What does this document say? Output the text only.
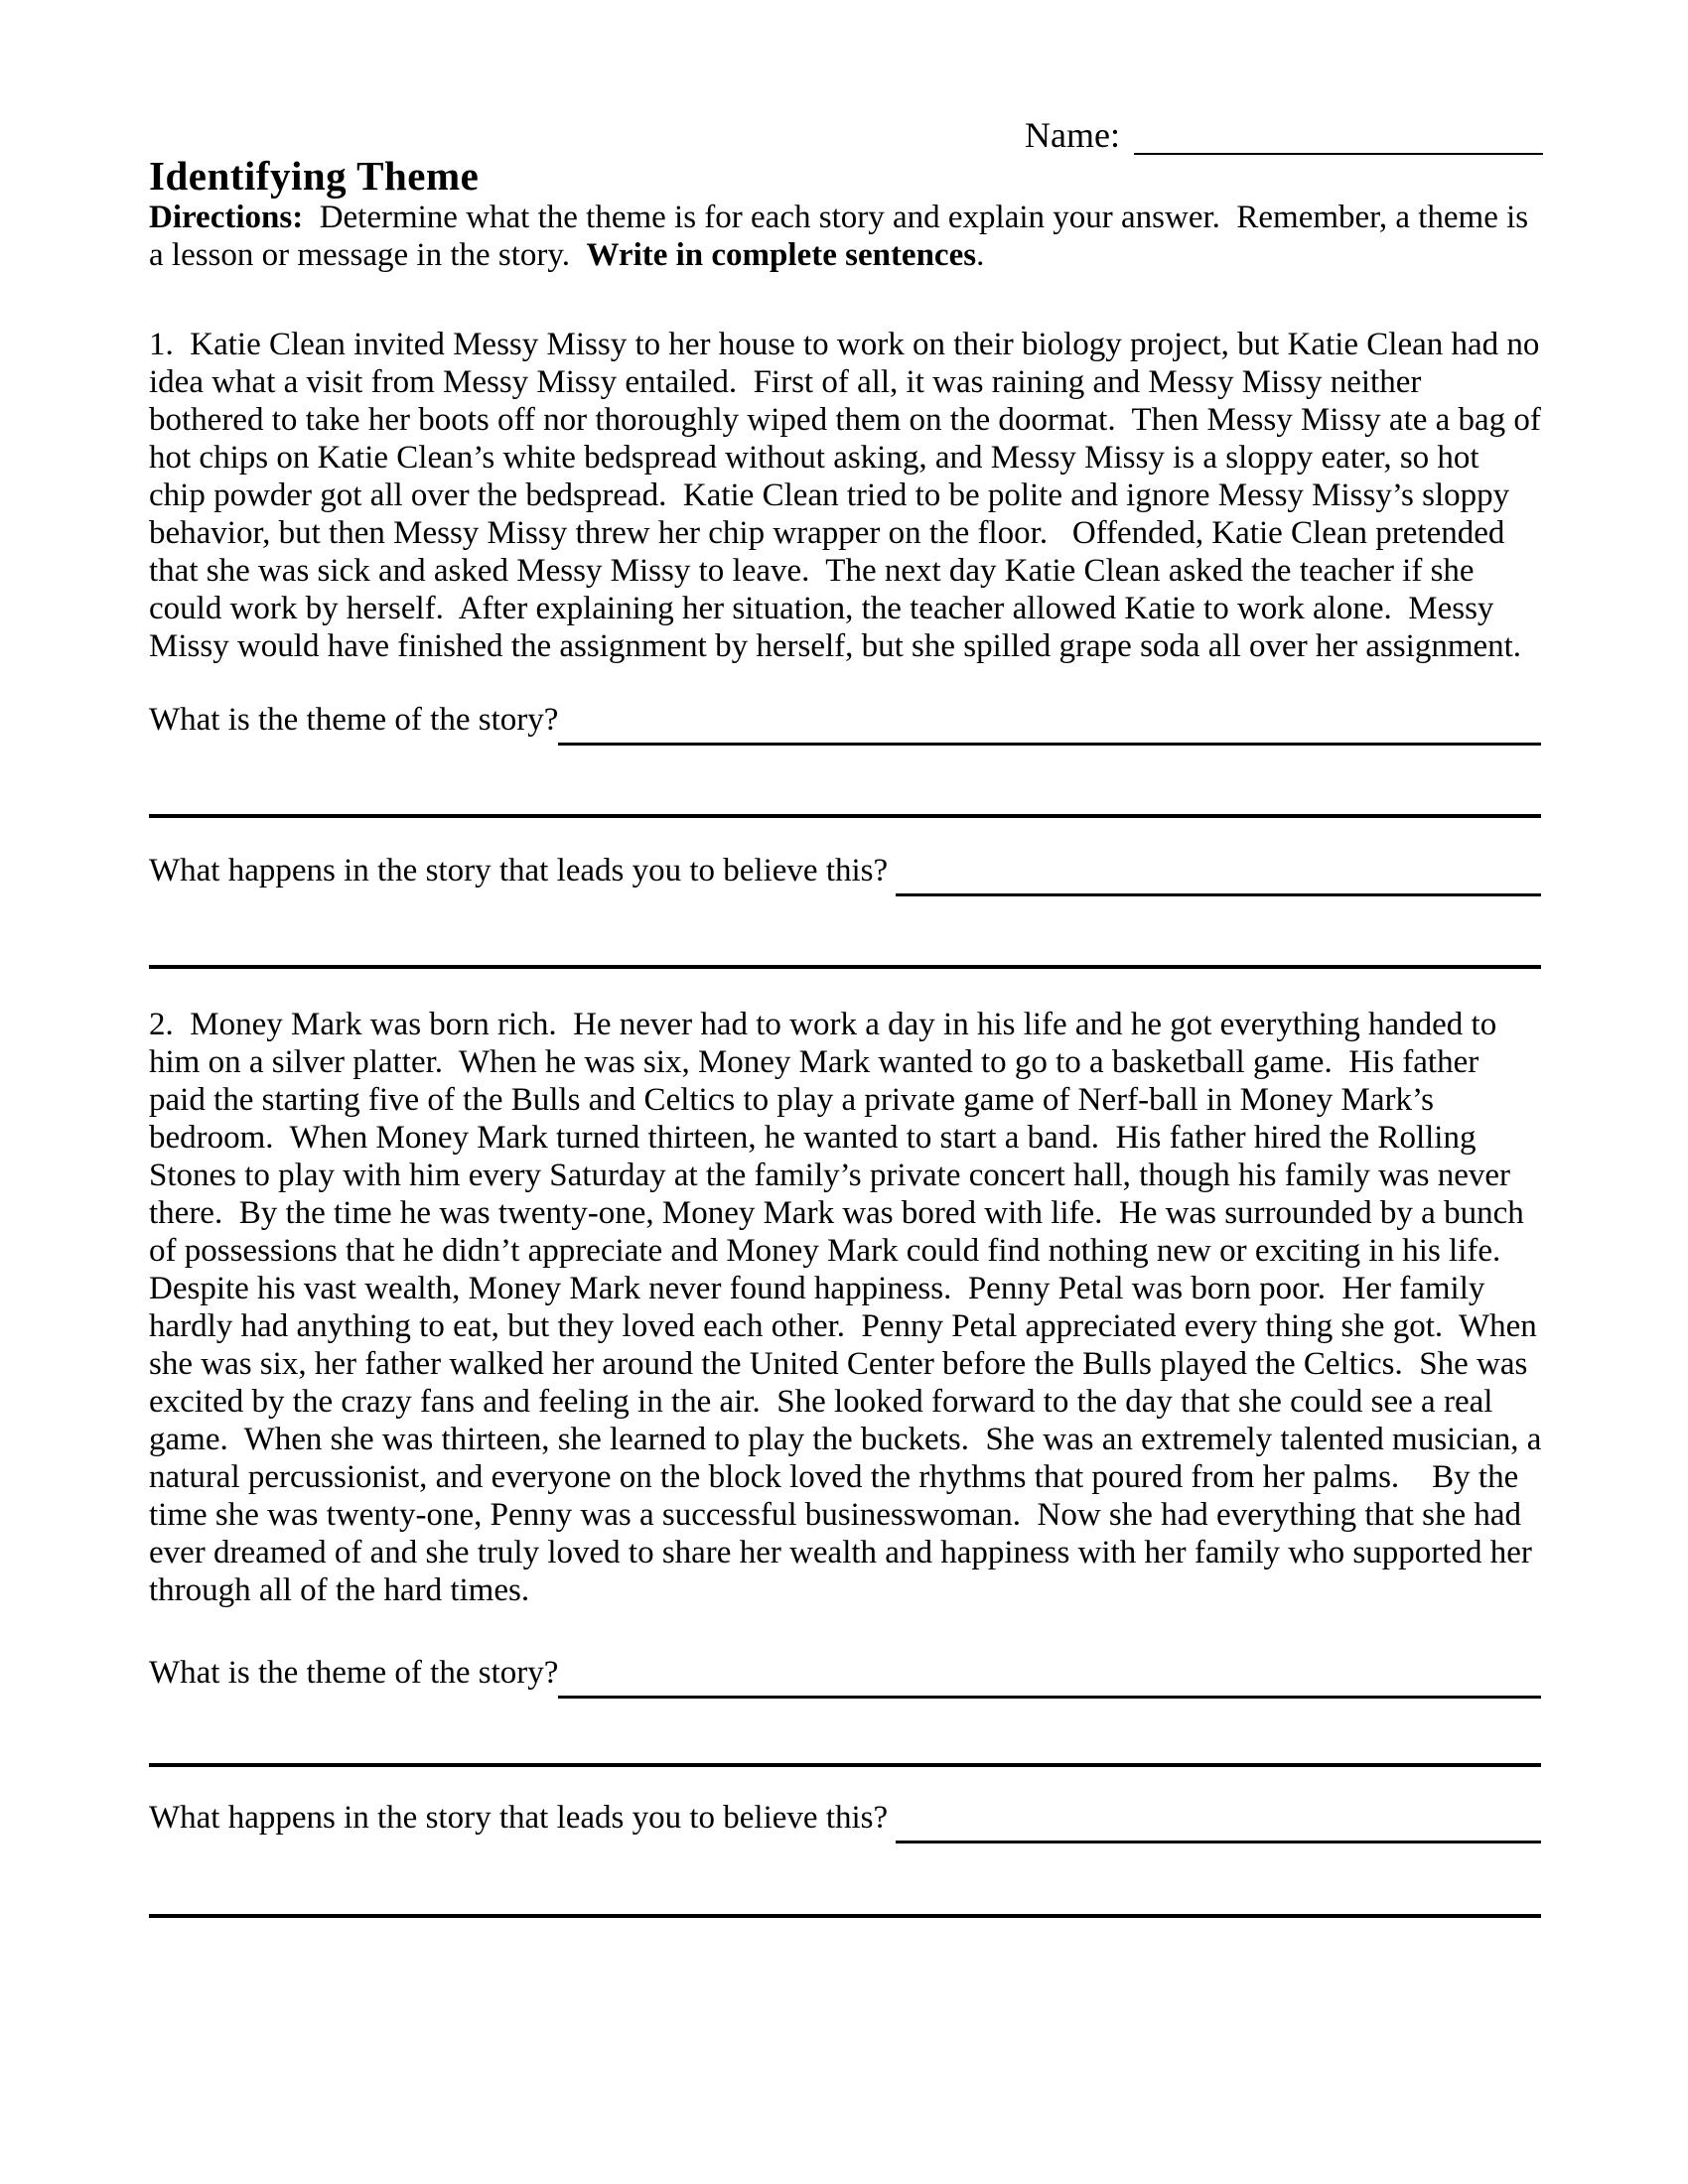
Name:
Identifying Theme
Directions:  Determine what the theme is for each story and explain your answer.  Remember, a theme is a lesson or message in the story.  Write in complete sentences.
1.  Katie Clean invited Messy Missy to her house to work on their biology project, but Katie Clean had no idea what a visit from Messy Missy entailed.  First of all, it was raining and Messy Missy neither bothered to take her boots off nor thoroughly wiped them on the doormat.  Then Messy Missy ate a bag of hot chips on Katie Clean’s white bedspread without asking, and Messy Missy is a sloppy eater, so hot chip powder got all over the bedspread.  Katie Clean tried to be polite and ignore Messy Missy’s sloppy behavior, but then Messy Missy threw her chip wrapper on the floor.   Offended, Katie Clean pretended that she was sick and asked Messy Missy to leave.  The next day Katie Clean asked the teacher if she could work by herself.  After explaining her situation, the teacher allowed Katie to work alone.  Messy Missy would have finished the assignment by herself, but she spilled grape soda all over her assignment.
What is the theme of the story?
What happens in the story that leads you to believe this?
2.  Money Mark was born rich.  He never had to work a day in his life and he got everything handed to him on a silver platter.  When he was six, Money Mark wanted to go to a basketball game.  His father paid the starting five of the Bulls and Celtics to play a private game of Nerf-ball in Money Mark’s bedroom.  When Money Mark turned thirteen, he wanted to start a band.  His father hired the Rolling Stones to play with him every Saturday at the family’s private concert hall, though his family was never there.  By the time he was twenty-one, Money Mark was bored with life.  He was surrounded by a bunch of possessions that he didn’t appreciate and Money Mark could find nothing new or exciting in his life.  Despite his vast wealth, Money Mark never found happiness.  Penny Petal was born poor.  Her family hardly had anything to eat, but they loved each other.  Penny Petal appreciated every thing she got.  When she was six, her father walked her around the United Center before the Bulls played the Celtics.  She was excited by the crazy fans and feeling in the air.  She looked forward to the day that she could see a real game.  When she was thirteen, she learned to play the buckets.  She was an extremely talented musician, a natural percussionist, and everyone on the block loved the rhythms that poured from her palms.    By the time she was twenty-one, Penny was a successful businesswoman.  Now she had everything that she had ever dreamed of and she truly loved to share her wealth and happiness with her family who supported her through all of the hard times.
What is the theme of the story?
What happens in the story that leads you to believe this?
